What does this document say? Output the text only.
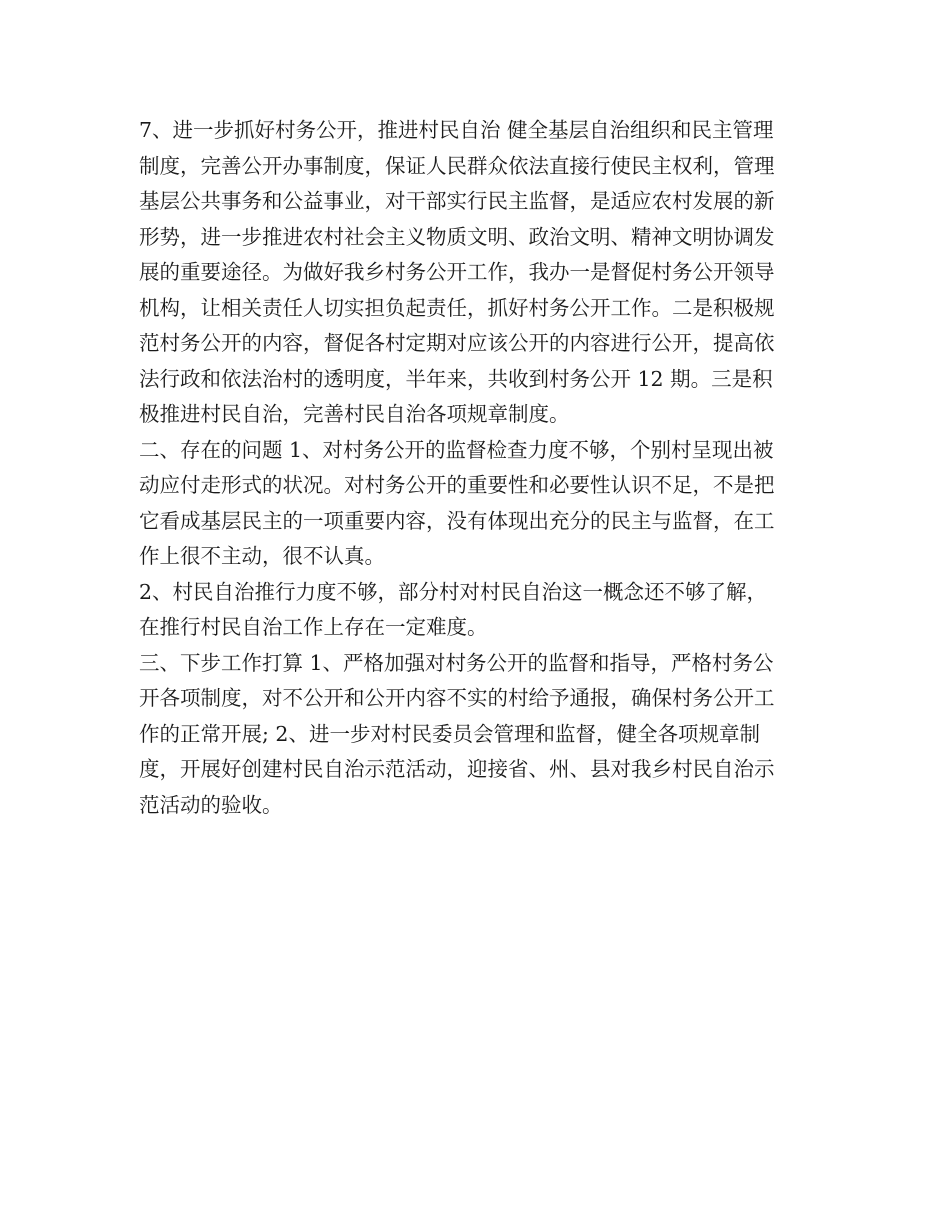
7、进一步抓好村务公开，推进村民自治 健全基层自治组织和民主管理
制度，完善公开办事制度，保证人民群众依法直接行使民主权利，管理
基层公共事务和公益事业，对干部实行民主监督，是适应农村发展的新
形势，进一步推进农村社会主义物质文明、政治文明、精神文明协调发
展的重要途径。为做好我乡村务公开工作，我办一是督促村务公开领导
机构，让相关责任人切实担负起责任，抓好村务公开工作。二是积极规
范村务公开的内容，督促各村定期对应该公开的内容进行公开，提高依
法行政和依法治村的透明度，半年来，共收到村务公开 12 期。三是积
极推进村民自治，完善村民自治各项规章制度。
二、存在的问题 1、对村务公开的监督检查力度不够，个别村呈现出被
动应付走形式的状况。对村务公开的重要性和必要性认识不足，不是把
它看成基层民主的一项重要内容，没有体现出充分的民主与监督，在工
作上很不主动，很不认真。
2、村民自治推行力度不够，部分村对村民自治这一概念还不够了解，
在推行村民自治工作上存在一定难度。
三、下步工作打算 1、严格加强对村务公开的监督和指导，严格村务公
开各项制度，对不公开和公开内容不实的村给予通报，确保村务公开工
作的正常开展; 2、进一步对村民委员会管理和监督，健全各项规章制
度，开展好创建村民自治示范活动，迎接省、州、县对我乡村民自治示
范活动的验收。
